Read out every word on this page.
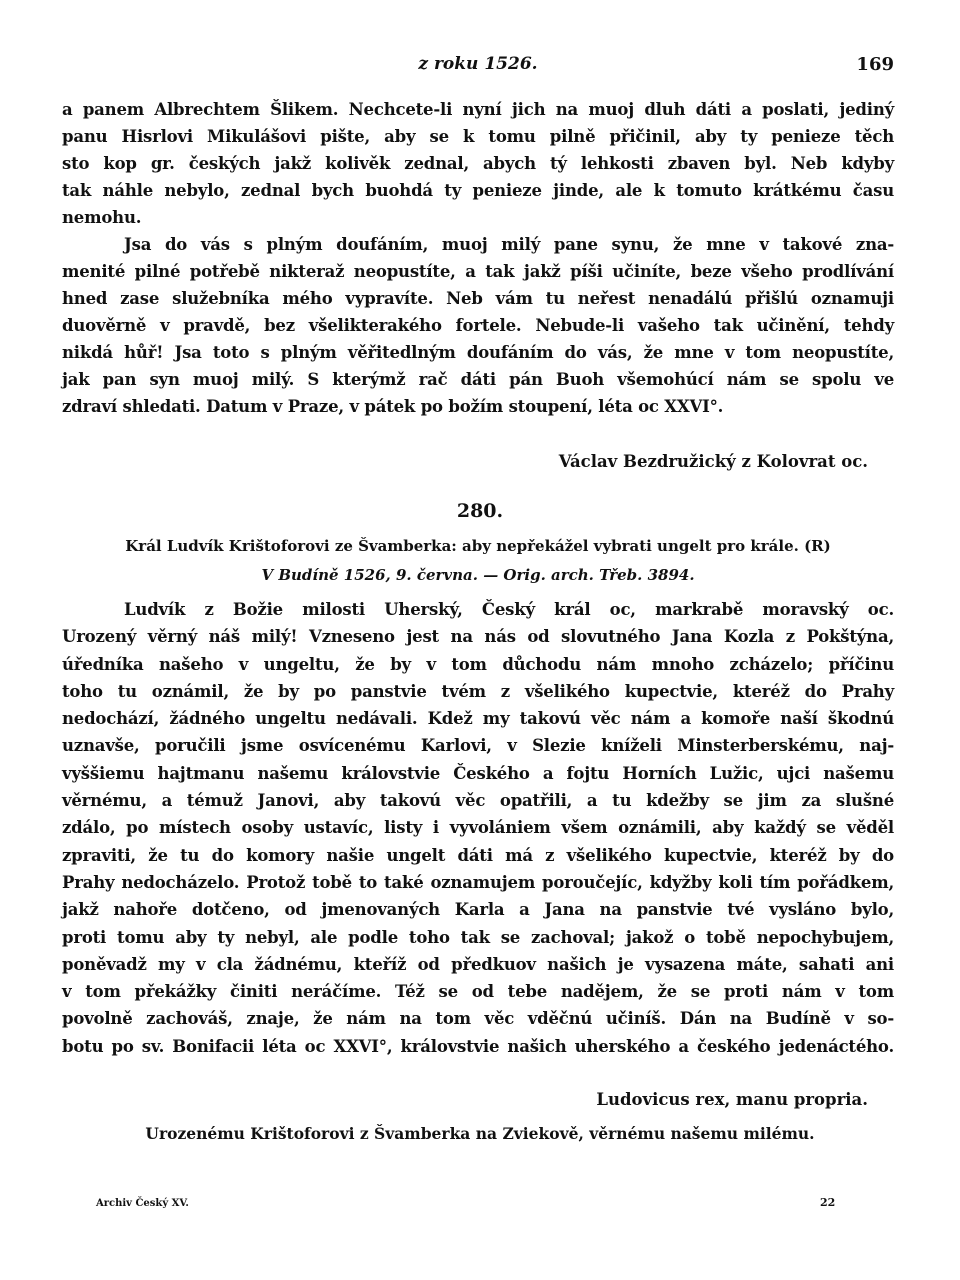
z roku 1526.	169
a panem Albrechtem Šlikem. Nechcete-li nyní jich na muoj dluh dáti a poslati, jediný
panu Hisrlovi Mikulášovi pište, aby se k tomu pilně přičinil, aby ty penieze těch
sto kop gr. českých jakž kolivěk zednal, abych tý lehkosti zbaven byl. Neb kdyby
tak náhle nebylo, zednal bych buohdá ty penieze jinde, ale k tomuto krátkému času
nemohu.
Jsa do vás s plným doufáním, muoj milý pane synu, že mne v takové zna-
menité pilné potřebě nikteraž neopustíte, a tak jakž píši učiníte, beze všeho prodlívání
hned zase služebníka mého vypravíte. Neb vám tu neřest nenadálú přišlú oznamuji
duověrně v pravdě, bez všelikterakého fortele. Nebude-li vašeho tak učinění, tehdy
nikdá hůř! Jsa toto s plným věřitedlným doufáním do vás, že mne v tom neopustíte,
jak pan syn muoj milý. S kterýmž rač dáti pán Buoh všemohúcí nám se spolu ve
zdraví shledati. Datum v Praze, v pátek po božím stoupení, léta oc XXVI°.
Václav Bezdružický z Kolovrat oc.
280.
Král Ludvík Krištoforovi ze Švamberka: aby nepřekážel vybrati ungelt pro krále. (R)
V Budíně 1526, 9. června. — Orig. arch. Třeb. 3894.
Ludvík z Božie milosti Uherský, Český král oc, markrabě moravský oc.
Urozený věrný náš milý! Vzneseno jest na nás od slovutného Jana Kozla z Pokštýna,
úředníka našeho v ungeltu, že by v tom důchodu nám mnoho zcházelo; příčinu
toho tu oznámil, že by po panstvie tvém z všelikého kupectvie, kteréž do Prahy
nedochází, žádného ungeltu nedávali. Kdež my takovú věc nám a komoře naší škodnú
uznavše, poručili jsme osvícenému Karlovi, v Slezie kníželi Minsterberskému, naj-
vyššiemu hajtmanu našemu královstvie Českého a fojtu Horních Lužic, ujci našemu
věrnému, a témuž Janovi, aby takovú věc opatřili, a tu kdežby se jim za slušné
zdálo, po místech osoby ustavíc, listy i vyvolániem všem oznámili, aby každý se věděl
zpraviti, že tu do komory našie ungelt dáti má z všelikého kupectvie, kteréž by do
Prahy nedocházelo. Protož tobě to také oznamujem poroučejíc, kdyžby koli tím pořádkem,
jakž nahoře dotčeno, od jmenovaných Karla a Jana na panstvie tvé vysláno bylo,
proti tomu aby ty nebyl, ale podle toho tak se zachoval; jakož o tobě nepochybujem,
poněvadž my v cla žádnému, kteříž od předkuov našich je vysazena máte, sahati ani
v tom překážky činiti neráčíme. Též se od tebe nadějem, že se proti nám v tom
povolně zachováš, znaje, že nám na tom věc vděčnú učiníš. Dán na Budíně v so-
botu po sv. Bonifacii léta oc XXVI°, královstvie našich uherského a českého jedenáctého.
Ludovicus rex, manu propria.
Urozenému Krištoforovi z Švamberka na Zviekově, věrnému našemu milému.
Archiv Český XV.	22
